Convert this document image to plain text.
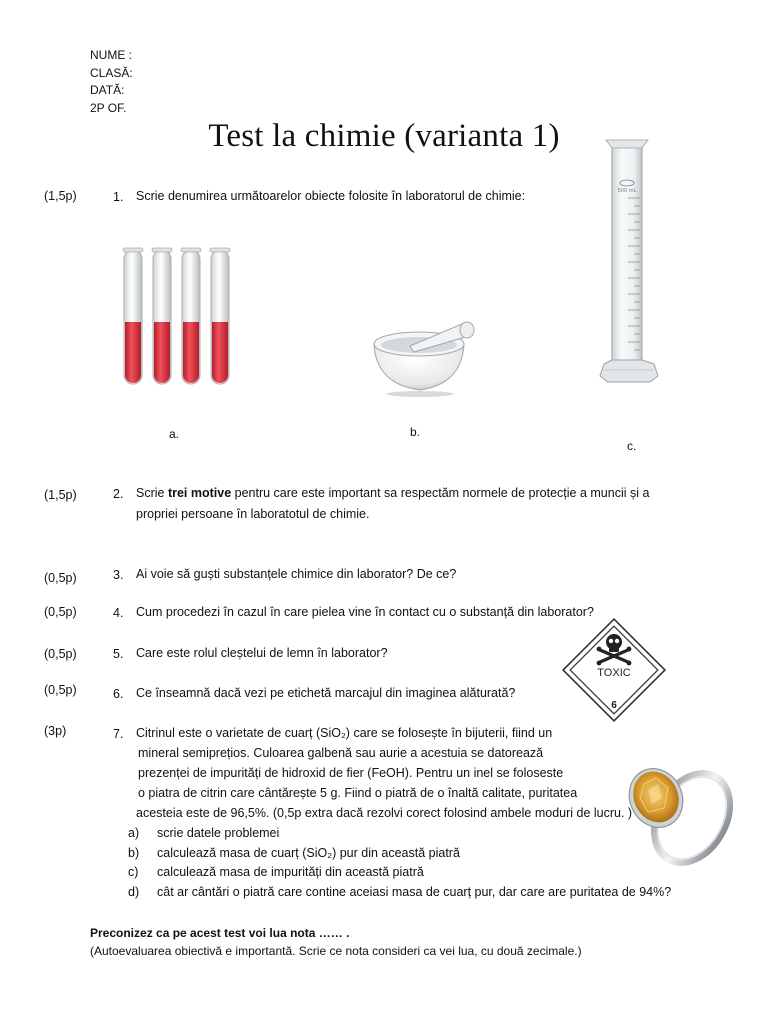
NUME :
CLASĂ:
DATĂ:
2P OF.
Test la chimie (varianta 1)
(1,5p)	1. Scrie denumirea următoarelor obiecte folosite în laboratorul de chimie:	500 mL
a.	b.
c.
(1,5p)	2. Scrie trei motive pentru care este important sa respectăm normele de protecție a muncii și a
propriei persoane în laboratotul de chimie.
(0,5p)	3. Ai voie să guști substanțele chimice din laborator? De ce?
(0,5p)	4. Cum procedezi în cazul în care pielea vine în contact cu o substanță din laborator?
(0,5p)	5. Care este rolul cleștelui de lemn în laborator?
(0,5p)	6. Ce înseamnă dacă vezi pe etichetă marcajul din imaginea alăturată?
TOXIC
6
(3p)	7. Citrinul este o varietate de cuarț (SiO₂) care se folosește în bijuterii, fiind un
mineral semiprețios. Culoarea galbenă sau aurie a acestuia se datorează
prezenței de impurități de hidroxid de fier (FeOH). Pentru un inel se foloseste
o piatra de citrin care cântărește 5 g. Fiind o piatră de o înaltă calitate, puritatea
acesteia este de 96,5%. (0,5p extra dacă rezolvi corect folosind ambele moduri de lucru. )
a) scrie datele problemei
b) calculează masa de cuarț (SiO₂) pur din această piatră
c) calculează masa de impurități din această piatră
d) cât ar cântări o piatră care contine aceiasi masa de cuarț pur, dar care are puritatea de 94%?
Preconizez ca pe acest test voi lua nota …… .
(Autoevaluarea obiectivă e importantă. Scrie ce nota consideri ca vei lua, cu două zecimale.)
